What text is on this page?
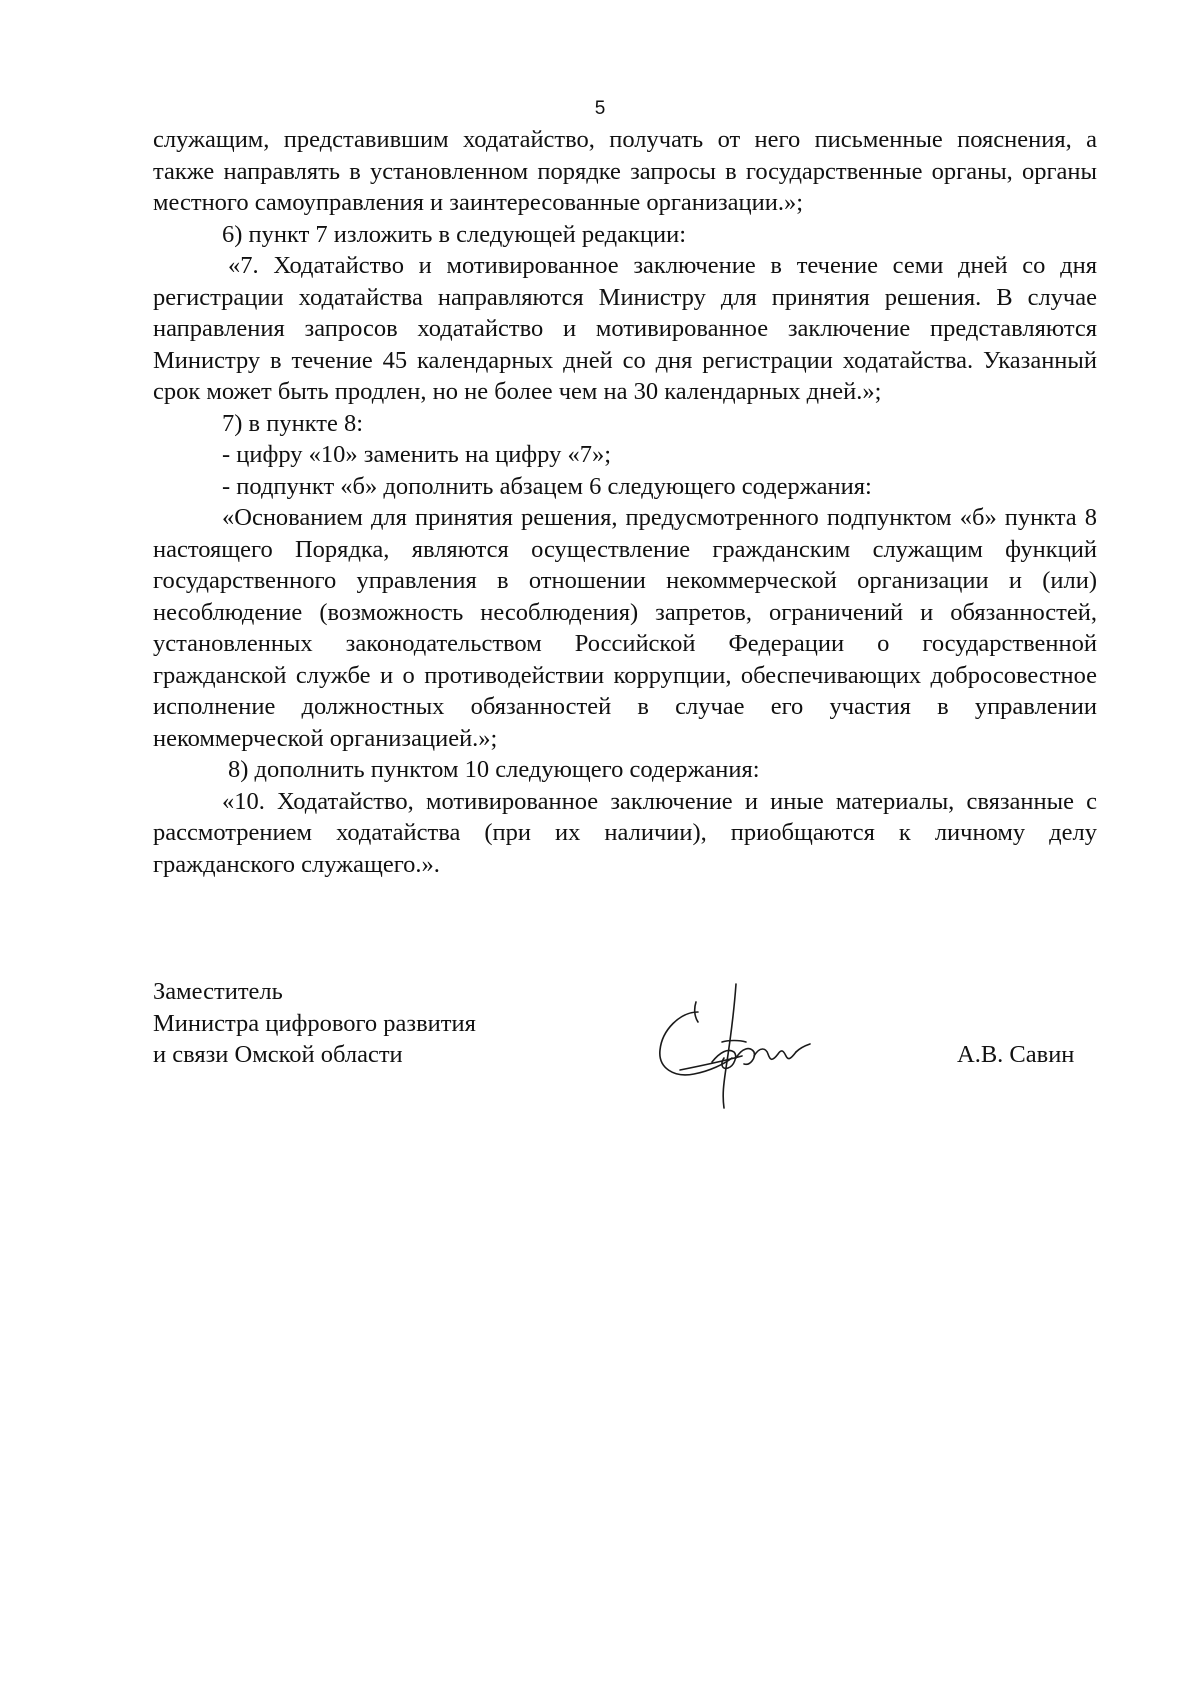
5

служащим, представившим ходатайство, получать от него письменные пояснения, а также направлять в установленном порядке запросы в государственные органы, органы местного самоуправления и заинтересованные организации.»;

6) пункт 7 изложить в следующей редакции:

«7. Ходатайство и мотивированное заключение в течение семи дней со дня регистрации ходатайства направляются Министру для принятия решения. В случае направления запросов ходатайство и мотивированное заключение представляются Министру в течение 45 календарных дней со дня регистрации ходатайства. Указанный срок может быть продлен, но не более чем на 30 календарных дней.»;

7) в пункте 8:

- цифру «10» заменить на цифру «7»;

- подпункт «б» дополнить абзацем 6 следующего содержания:

«Основанием для принятия решения, предусмотренного подпунктом «б» пункта 8 настоящего Порядка, являются осуществление гражданским служащим функций государственного управления в отношении некоммерческой организации и (или) несоблюдение (возможность несоблюдения) запретов, ограничений и обязанностей, установленных законодательством Российской Федерации о государственной гражданской службе и о противодействии коррупции, обеспечивающих добросовестное исполнение должностных обязанностей в случае его участия в управлении некоммерческой организацией.»;

8) дополнить пунктом 10 следующего содержания:

«10. Ходатайство, мотивированное заключение и иные материалы, связанные с рассмотрением ходатайства (при их наличии), приобщаются к личному делу гражданского служащего.».

Заместитель
Министра цифрового развития
и связи Омской области	А.В. Савин
